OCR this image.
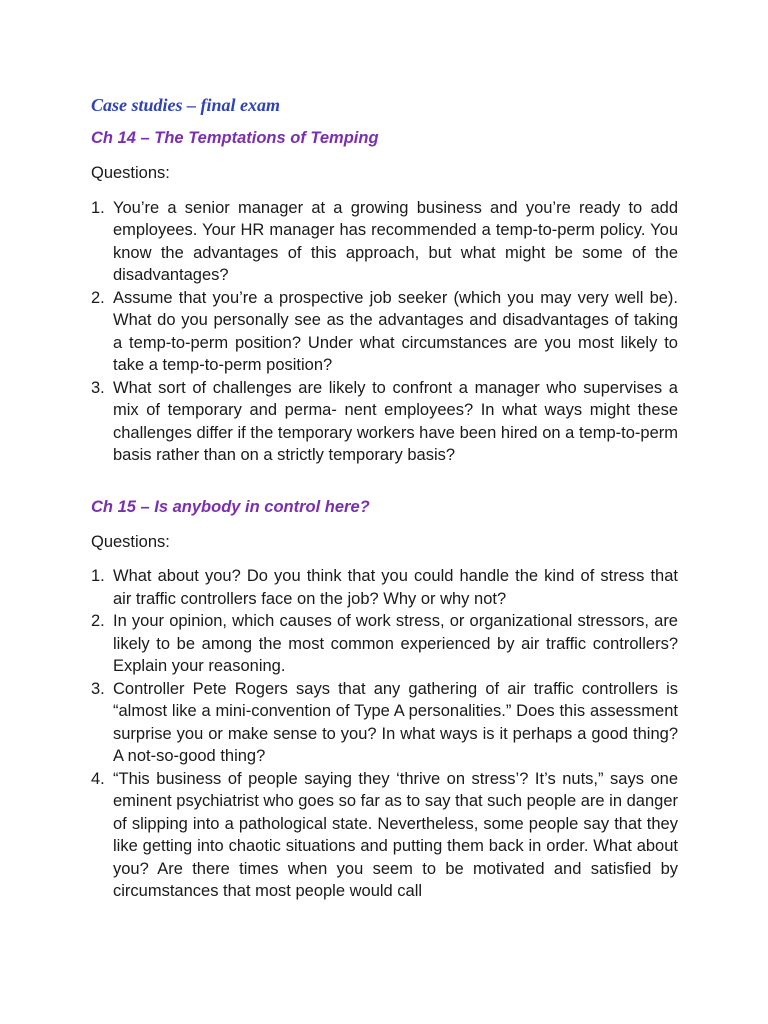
Case studies – final exam
Ch 14 – The Temptations of Temping
Questions:
1. You’re a senior manager at a growing business and you’re ready to add employees. Your HR manager has recommended a temp-to-perm policy. You know the advantages of this approach, but what might be some of the disadvantages?
2. Assume that you’re a prospective job seeker (which you may very well be). What do you personally see as the advantages and disadvantages of taking a temp-to-perm position? Under what circumstances are you most likely to take a temp-to-perm position?
3. What sort of challenges are likely to confront a manager who supervises a mix of temporary and perma- nent employees? In what ways might these challenges differ if the temporary workers have been hired on a temp-to-perm basis rather than on a strictly temporary basis?
Ch 15 – Is anybody in control here?
Questions:
1. What about you? Do you think that you could handle the kind of stress that air traffic controllers face on the job? Why or why not?
2. In your opinion, which causes of work stress, or organizational stressors, are likely to be among the most common experienced by air traffic controllers? Explain your reasoning.
3. Controller Pete Rogers says that any gathering of air traffic controllers is “almost like a mini-convention of Type A personalities.” Does this assessment surprise you or make sense to you? In what ways is it perhaps a good thing? A not-so-good thing?
4. “This business of people saying they ‘thrive on stress’? It’s nuts,” says one eminent psychiatrist who goes so far as to say that such people are in danger of slipping into a pathological state. Nevertheless, some people say that they like getting into chaotic situations and putting them back in order. What about you? Are there times when you seem to be motivated and satisfied by circumstances that most people would call
